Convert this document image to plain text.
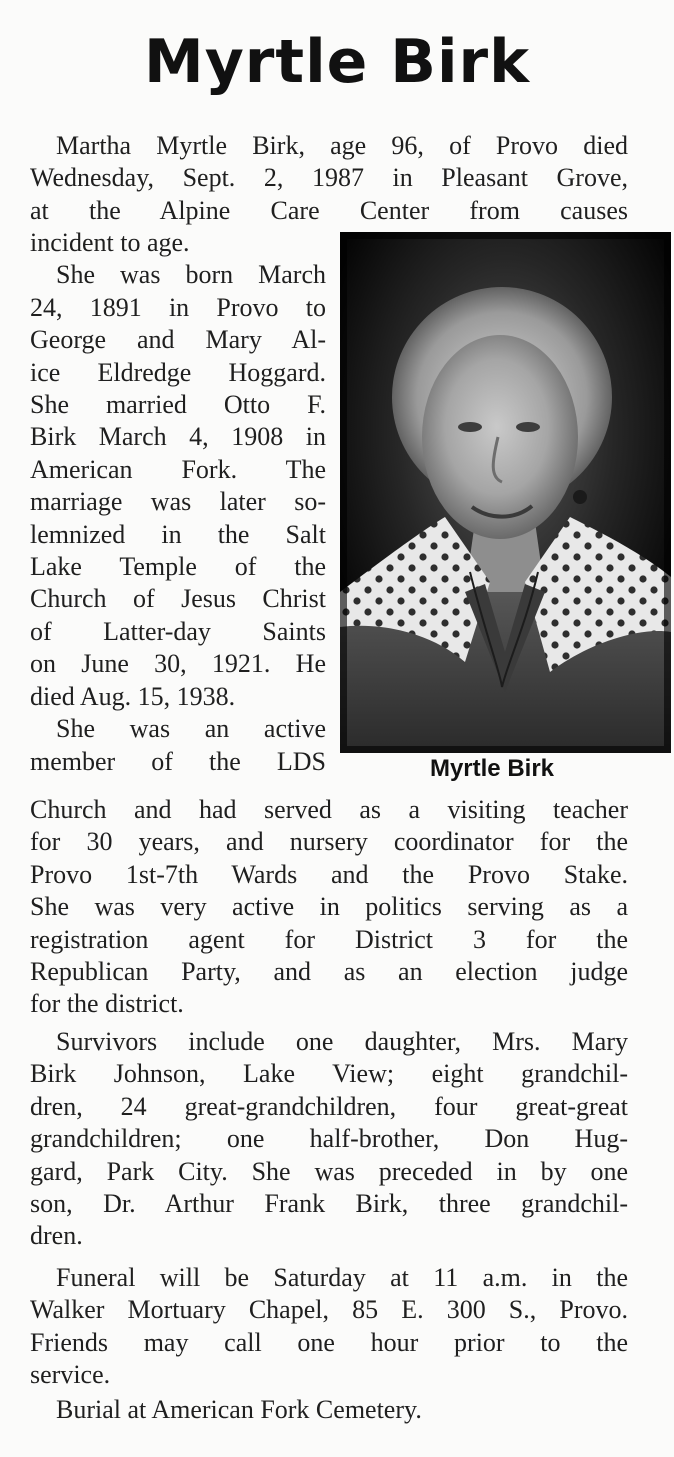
Myrtle Birk
Martha Myrtle Birk, age 96, of Provo died
Wednesday, Sept. 2, 1987 in Pleasant Grove,
at the Alpine Care Center from causes
incident to age.
She was born March
24, 1891 in Provo to
George and Mary Al-
ice Eldredge Hoggard.
She married Otto F.
Birk March 4, 1908 in
American Fork. The
marriage was later so-
lemnized in the Salt
Lake Temple of the
Church of Jesus Christ
of Latter-day Saints
on June 30, 1921. He
died Aug. 15, 1938.
She was an active
member of the LDS	Myrtle Birk
Church and had served as a visiting teacher
for 30 years, and nursery coordinator for the
Provo 1st-7th Wards and the Provo Stake.
She was very active in politics serving as a
registration agent for District 3 for the
Republican Party, and as an election judge
for the district.
Survivors include one daughter, Mrs. Mary
Birk Johnson, Lake View; eight grandchil-
dren, 24 great-grandchildren, four great-great
grandchildren; one half-brother, Don Hug-
gard, Park City. She was preceded in by one
son, Dr. Arthur Frank Birk, three grandchil-
dren.
Funeral will be Saturday at 11 a.m. in the
Walker Mortuary Chapel, 85 E. 300 S., Provo.
Friends may call one hour prior to the
service.
Burial at American Fork Cemetery.
